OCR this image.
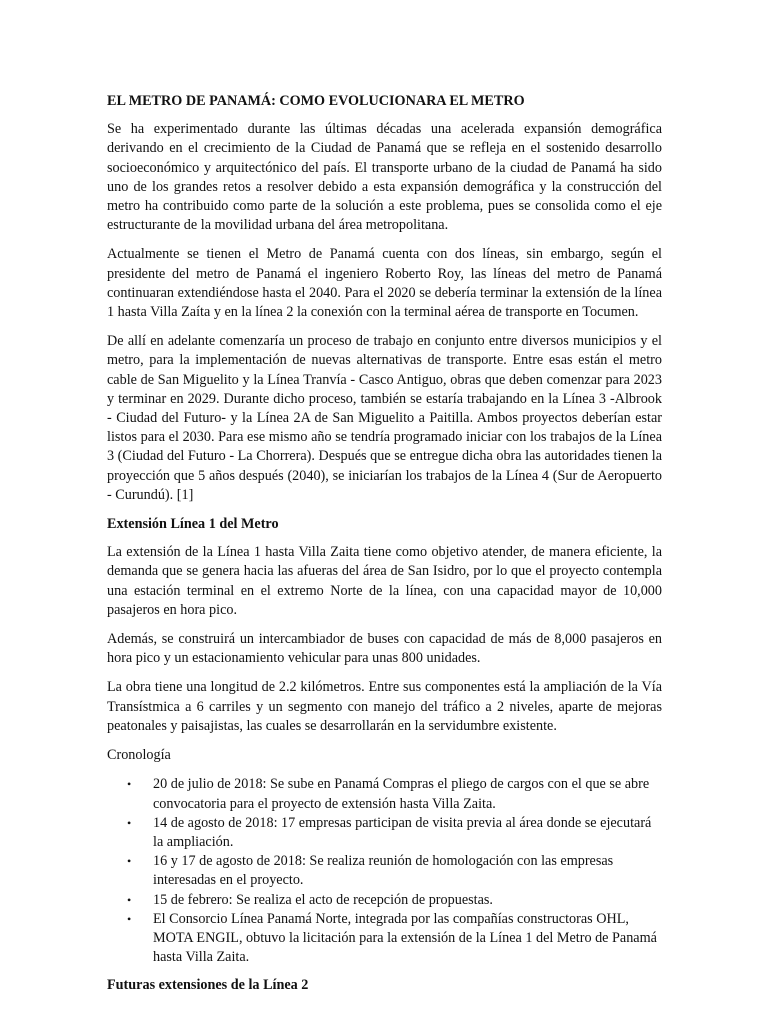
EL METRO DE PANAMÁ: COMO EVOLUCIONARA EL METRO

Se ha experimentado durante las últimas décadas una acelerada expansión demográfica derivando en el crecimiento de la Ciudad de Panamá que se refleja en el sostenido desarrollo socioeconómico y arquitectónico del país. El transporte urbano de la ciudad de Panamá ha sido uno de los grandes retos a resolver debido a esta expansión demográfica y la construcción del metro ha contribuido como parte de la solución a este problema, pues se consolida como el eje estructurante de la movilidad urbana del área metropolitana.

Actualmente se tienen el Metro de Panamá cuenta con dos líneas, sin embargo, según el presidente del metro de Panamá el ingeniero Roberto Roy, las líneas del metro de Panamá continuaran extendiéndose hasta el 2040. Para el 2020 se debería terminar la extensión de la línea 1 hasta Villa Zaíta y en la línea 2 la conexión con la terminal aérea de transporte en Tocumen.

De allí en adelante comenzaría un proceso de trabajo en conjunto entre diversos municipios y el metro, para la implementación de nuevas alternativas de transporte. Entre esas están el metro cable de San Miguelito y la Línea Tranvía - Casco Antiguo, obras que deben comenzar para 2023 y terminar en 2029. Durante dicho proceso, también se estaría trabajando en la Línea 3 -Albrook - Ciudad del Futuro- y la Línea 2A de San Miguelito a Paitilla. Ambos proyectos deberían estar listos para el 2030. Para ese mismo año se tendría programado iniciar con los trabajos de la Línea 3 (Ciudad del Futuro - La Chorrera). Después que se entregue dicha obra las autoridades tienen la proyección que 5 años después (2040), se iniciarían los trabajos de la Línea 4 (Sur de Aeropuerto - Curundú). [1]

Extensión Línea 1 del Metro

La extensión de la Línea 1 hasta Villa Zaita tiene como objetivo atender, de manera eficiente, la demanda que se genera hacia las afueras del área de San Isidro, por lo que el proyecto contempla una estación terminal en el extremo Norte de la línea, con una capacidad mayor de 10,000 pasajeros en hora pico.

Además, se construirá un intercambiador de buses con capacidad de más de 8,000 pasajeros en hora pico y un estacionamiento vehicular para unas 800 unidades.

La obra tiene una longitud de 2.2 kilómetros. Entre sus componentes está la ampliación de la Vía Transístmica a 6 carriles y un segmento con manejo del tráfico a 2 niveles, aparte de mejoras peatonales y paisajistas, las cuales se desarrollarán en la servidumbre existente.

Cronología

• 20 de julio de 2018: Se sube en Panamá Compras el pliego de cargos con el que se abre convocatoria para el proyecto de extensión hasta Villa Zaita.
• 14 de agosto de 2018: 17 empresas participan de visita previa al área donde se ejecutará la ampliación.
• 16 y 17 de agosto de 2018: Se realiza reunión de homologación con las empresas interesadas en el proyecto.
• 15 de febrero: Se realiza el acto de recepción de propuestas.
• El Consorcio Línea Panamá Norte, integrada por las compañías constructoras OHL, MOTA ENGIL, obtuvo la licitación para la extensión de la Línea 1 del Metro de Panamá hasta Villa Zaita.
Futuras extensiones de la Línea 2
